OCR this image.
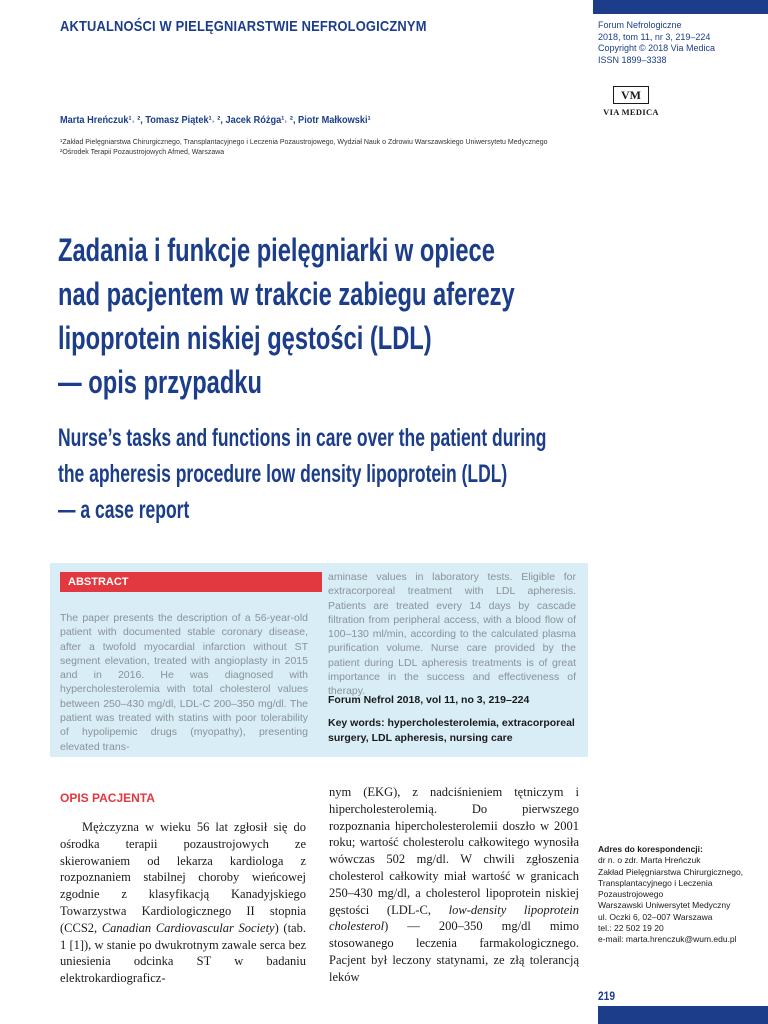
AKTUALNOŚCI W PIELĘGNIARSTWIE NEFROLOGICZNYM	Forum Nefrologiczne
2018, tom 11, nr 3, 219–224
Copyright © 2018 Via Medica
ISSN 1899–3338
VM
VIA MEDICA
Marta Hreńczuk¹˒ ², Tomasz Piątek¹˒ ², Jacek Różga¹˒ ², Piotr Małkowski¹
¹Zakład Pielęgniarstwa Chirurgicznego, Transplantacyjnego i Leczenia Pozaustrojowego, Wydział Nauk o Zdrowiu Warszawskiego Uniwersytetu Medycznego
²Ośrodek Terapii Pozaustrojowych Afmed, Warszawa
Zadania i funkcje pielęgniarki w opiece
nad pacjentem w trakcie zabiegu aferezy
lipoprotein niskiej gęstości (LDL)
— opis przypadku
Nurse’s tasks and functions in care over the patient during
the apheresis procedure low density lipoprotein (LDL)
— a case report
ABSTRACT
The paper presents the description of a 56-year-old patient with documented stable coronary disease, after a twofold myocardial infarction without ST segment elevation, treated with angioplasty in 2015 and in 2016. He was diagnosed with hypercholesterolemia with total cholesterol values between 250–430 mg/dl, LDL-C 200–350 mg/dl. The patient was treated with statins with poor tolerability of hypolipemic drugs (myopathy), presenting elevated trans-
aminase values in laboratory tests. Eligible for extracorporeal treatment with LDL apheresis. Patients are treated every 14 days by cascade filtration from peripheral access, with a blood flow of 100–130 ml/min, according to the calculated plasma purification volume. Nurse care provided by the patient during LDL apheresis treatments is of great importance in the success and effectiveness of therapy.
Forum Nefrol 2018, vol 11, no 3, 219–224
Key words: hypercholesterolemia, extracorporeal surgery, LDL apheresis, nursing care
OPIS PACJENTA

Mężczyzna w wieku 56 lat zgłosił się do ośrodka terapii pozaustrojowych ze skierowaniem od lekarza kardiologa z rozpoznaniem stabilnej choroby wieńcowej zgodnie z klasyfikacją Kanadyjskiego Towarzystwa Kardiologicznego II stopnia (CCS2, Canadian Cardiovascular Society) (tab. 1 [1]), w stanie po dwukrotnym zawale serca bez uniesienia odcinka ST w badaniu elektrokardiograficz-

nym (EKG), z nadciśnieniem tętniczym i hipercholesterolemią. Do pierwszego rozpoznania hipercholesterolemii doszło w 2001 roku; wartość cholesterolu całkowitego wynosiła wówczas 502 mg/dl. W chwili zgłoszenia cholesterol całkowity miał wartość w granicach 250–430 mg/dl, a cholesterol lipoprotein niskiej gęstości (LDL-C, low-density lipoprotein cholesterol) — 200–350 mg/dl mimo stosowanego leczenia farmakologicznego. Pacjent był leczony statynami, ze złą tolerancją leków

Adres do korespondencji:
dr n. o zdr. Marta Hreńczuk
Zakład Pielęgniarstwa Chirurgicznego,
Transplantacyjnego i Leczenia
Pozaustrojowego
Warszawski Uniwersytet Medyczny
ul. Oczki 6, 02–007 Warszawa
tel.: 22 502 19 20
e-mail: marta.hrenczuk@wum.edu.pl
219
